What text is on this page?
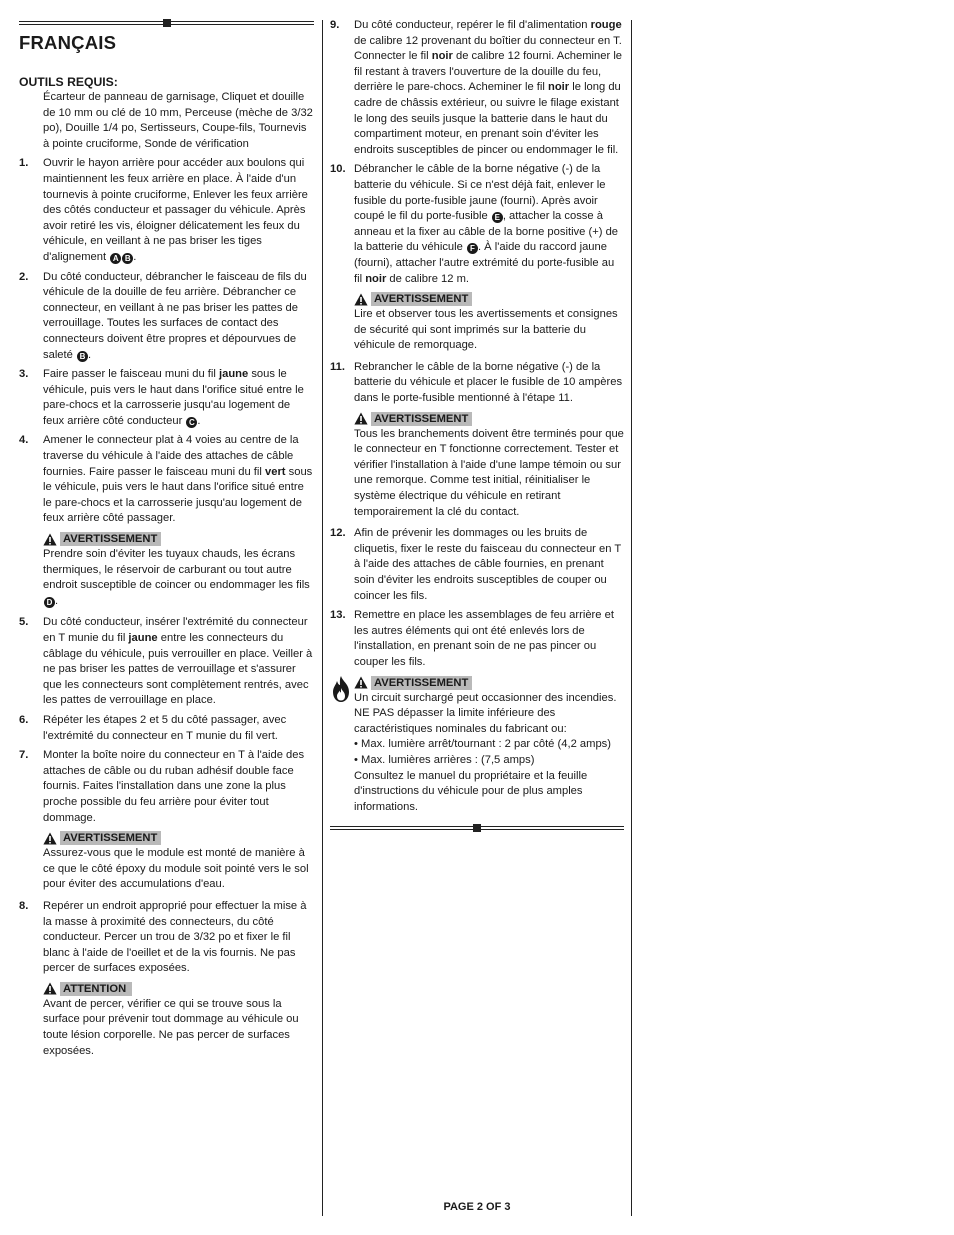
FRANÇAIS
OUTILS REQUIS:
Écarteur de panneau de garnisage, Cliquet et douille de 10 mm ou clé de 10 mm, Perceuse (mèche de 3/32 po), Douille 1/4 po, Sertisseurs, Coupe-fils, Tournevis à pointe cruciforme, Sonde de vérification
1.	Ouvrir le hayon arrière pour accéder aux boulons qui maintiennent les feux arrière en place. À l'aide d'un tournevis à pointe cruciforme, Enlever les feux arrière des côtés conducteur et passager du véhicule. Après avoir retiré les vis, éloigner délicatement les feux du véhicule, en veillant à ne pas briser les tiges d'alignement A B .
2.	Du côté conducteur, débrancher le faisceau de fils du véhicule de la douille de feu arrière. Débrancher ce connecteur, en veillant à ne pas briser les pattes de verrouillage. Toutes les surfaces de contact des connecteurs doivent être propres et dépourvues de saleté B .
3.	Faire passer le faisceau muni du fil jaune sous le véhicule, puis vers le haut dans l'orifice situé entre le pare-chocs et la carrosserie jusqu'au logement de feux arrière côté conducteur C .
4.	Amener le connecteur plat à 4 voies au centre de la traverse du véhicule à l'aide des attaches de câble fournies. Faire passer le faisceau muni du fil vert sous le véhicule, puis vers le haut dans l'orifice situé entre le pare-chocs et la carrosserie jusqu'au logement de feux arrière côté passager.
AVERTISSEMENT
Prendre soin d'éviter les tuyaux chauds, les écrans thermiques, le réservoir de carburant ou tout autre endroit susceptible de coincer ou endommager les fils D .
5.	Du côté conducteur, insérer l'extrémité du connecteur en T munie du fil jaune entre les connecteurs du câblage du véhicule, puis verrouiller en place. Veiller à ne pas briser les pattes de verrouillage et s'assurer que les connecteurs sont complètement rentrés, avec les pattes de verrouillage en place.
6.	Répéter les étapes 2 et 5 du côté passager, avec l'extrémité du connecteur en T munie du fil vert.
7.	Monter la boîte noire du connecteur en T à l'aide des attaches de câble ou du ruban adhésif double face fournis. Faites l'installation dans une zone la plus proche possible du feu arrière pour éviter tout dommage.
AVERTISSEMENT
Assurez-vous que le module est monté de manière à ce que le côté époxy du module soit pointé vers le sol pour éviter des accumulations d'eau.
8.	Repérer un endroit approprié pour effectuer la mise à la masse à proximité des connecteurs, du côté conducteur. Percer un trou de 3/32 po et fixer le fil blanc à l'aide de l'oeillet et de la vis fournis. Ne pas percer de surfaces exposées.
ATTENTION
Avant de percer, vérifier ce qui se trouve sous la surface pour prévenir tout dommage au véhicule ou toute lésion corporelle. Ne pas percer de surfaces exposées.
9.	Du côté conducteur, repérer le fil d'alimentation rouge de calibre 12 provenant du boîtier du connecteur en T. Connecter le fil noir de calibre 12 fourni. Acheminer le fil restant à travers l'ouverture de la douille du feu, derrière le pare-chocs. Acheminer le fil noir le long du cadre de châssis extérieur, ou suivre le filage existant le long des seuils jusque la batterie dans le haut du compartiment moteur, en prenant soin d'éviter les endroits susceptibles de pincer ou endommager le fil.
10. Débrancher le câble de la borne négative (-) de la batterie du véhicule. Si ce n'est déjà fait, enlever le fusible du porte-fusible jaune (fourni). Après avoir coupé le fil du porte-fusible E , attacher la cosse à anneau et la fixer au câble de la borne positive (+) de la batterie du véhicule F . À l'aide du raccord jaune (fourni), attacher l'autre extrémité du porte-fusible au fil noir de calibre 12 m.
AVERTISSEMENT
Lire et observer tous les avertissements et consignes de sécurité qui sont imprimés sur la batterie du véhicule de remorquage.
11. Rebrancher le câble de la borne négative (-) de la batterie du véhicule et placer le fusible de 10 ampères dans le porte-fusible mentionné à l'étape 11.
AVERTISSEMENT
Tous les branchements doivent être terminés pour que le connecteur en T fonctionne correctement. Tester et vérifier l'installation à l'aide d'une lampe témoin ou sur une remorque. Comme test initial, réinitialiser le système électrique du véhicule en retirant temporairement la clé du contact.
12. Afin de prévenir les dommages ou les bruits de cliquetis, fixer le reste du faisceau du connecteur en T à l'aide des attaches de câble fournies, en prenant soin d'éviter les endroits susceptibles de couper ou coincer les fils.
13. Remettre en place les assemblages de feu arrière et les autres éléments qui ont été enlevés lors de l'installation, en prenant soin de ne pas pincer ou couper les fils.
AVERTISSEMENT
Un circuit surchargé peut occasionner des incendies. NE PAS dépasser la limite inférieure des caractéristiques nominales du fabricant ou:
• Max. lumière arrêt/tournant : 2 par côté (4,2 amps)
• Max. lumières arrières : (7,5 amps)
Consultez le manuel du propriétaire et la feuille d'instructions du véhicule pour de plus amples informations.
PAGE 2 OF 3
